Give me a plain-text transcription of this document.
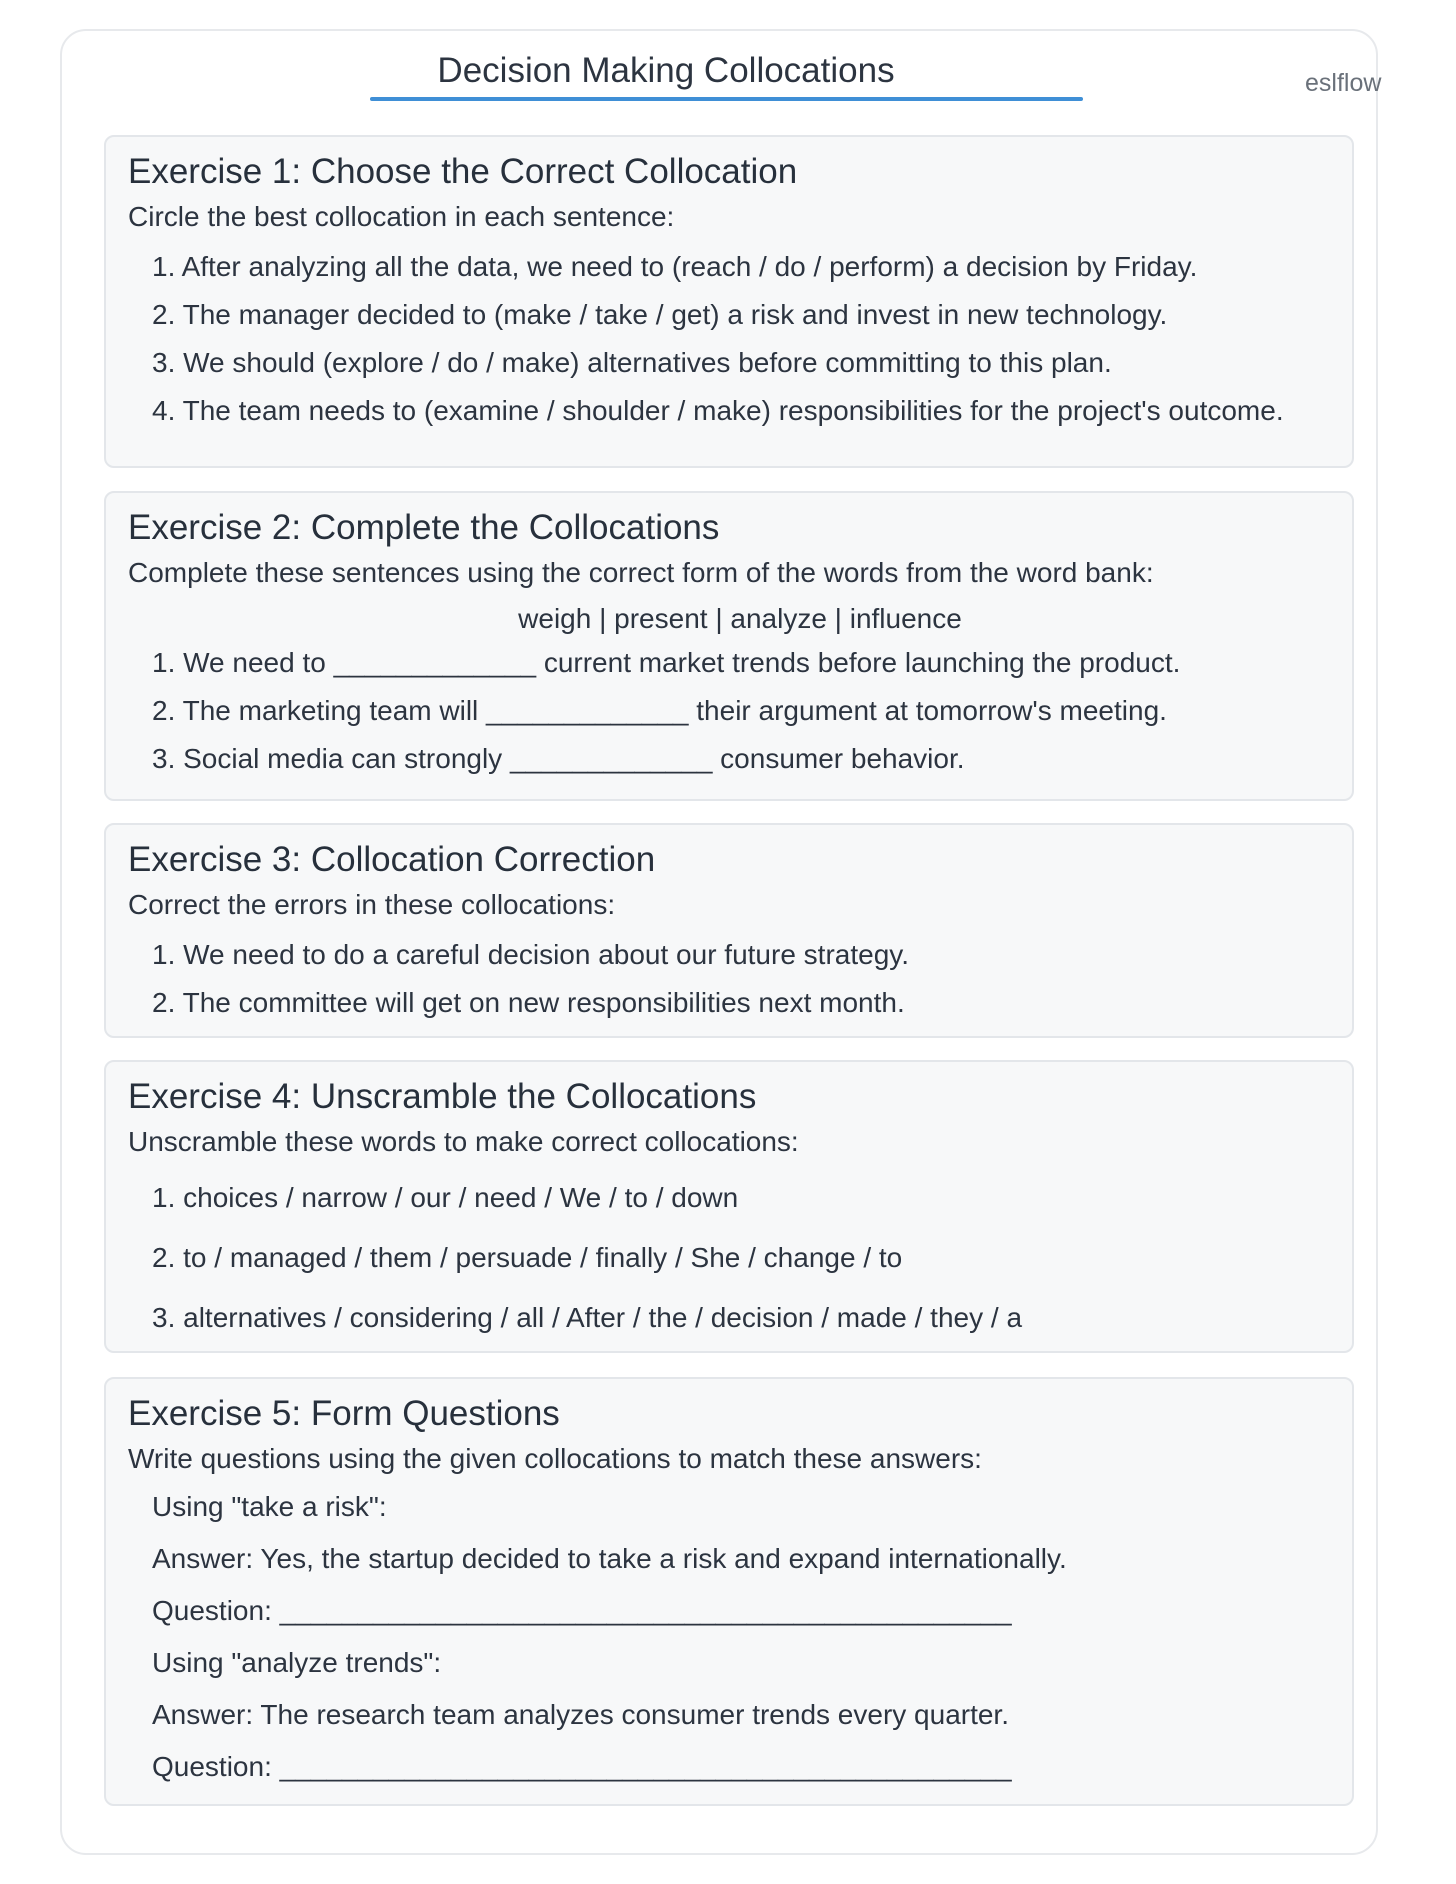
Decision Making Collocations	eslflow
Exercise 1: Choose the Correct Collocation
Circle the best collocation in each sentence:
1. After analyzing all the data, we need to (reach / do / perform) a decision by Friday.
2. The manager decided to (make / take / get) a risk and invest in new technology.
3. We should (explore / do / make) alternatives before committing to this plan.
4. The team needs to (examine / shoulder / make) responsibilities for the project's outcome.
Exercise 2: Complete the Collocations
Complete these sentences using the correct form of the words from the word bank:
weigh | present | analyze | influence
1. We need to _____________ current market trends before launching the product.
2. The marketing team will _____________ their argument at tomorrow's meeting.
3. Social media can strongly _____________ consumer behavior.
Exercise 3: Collocation Correction
Correct the errors in these collocations:
1. We need to do a careful decision about our future strategy.
2. The committee will get on new responsibilities next month.
Exercise 4: Unscramble the Collocations
Unscramble these words to make correct collocations:
1. choices / narrow / our / need / We / to / down
2. to / managed / them / persuade / finally / She / change / to
3. alternatives / considering / all / After / the / decision / made / they / a
Exercise 5: Form Questions
Write questions using the given collocations to match these answers:
Using "take a risk":
Answer: Yes, the startup decided to take a risk and expand internationally.
Question: _______________________________________________
Using "analyze trends":
Answer: The research team analyzes consumer trends every quarter.
Question: _______________________________________________
